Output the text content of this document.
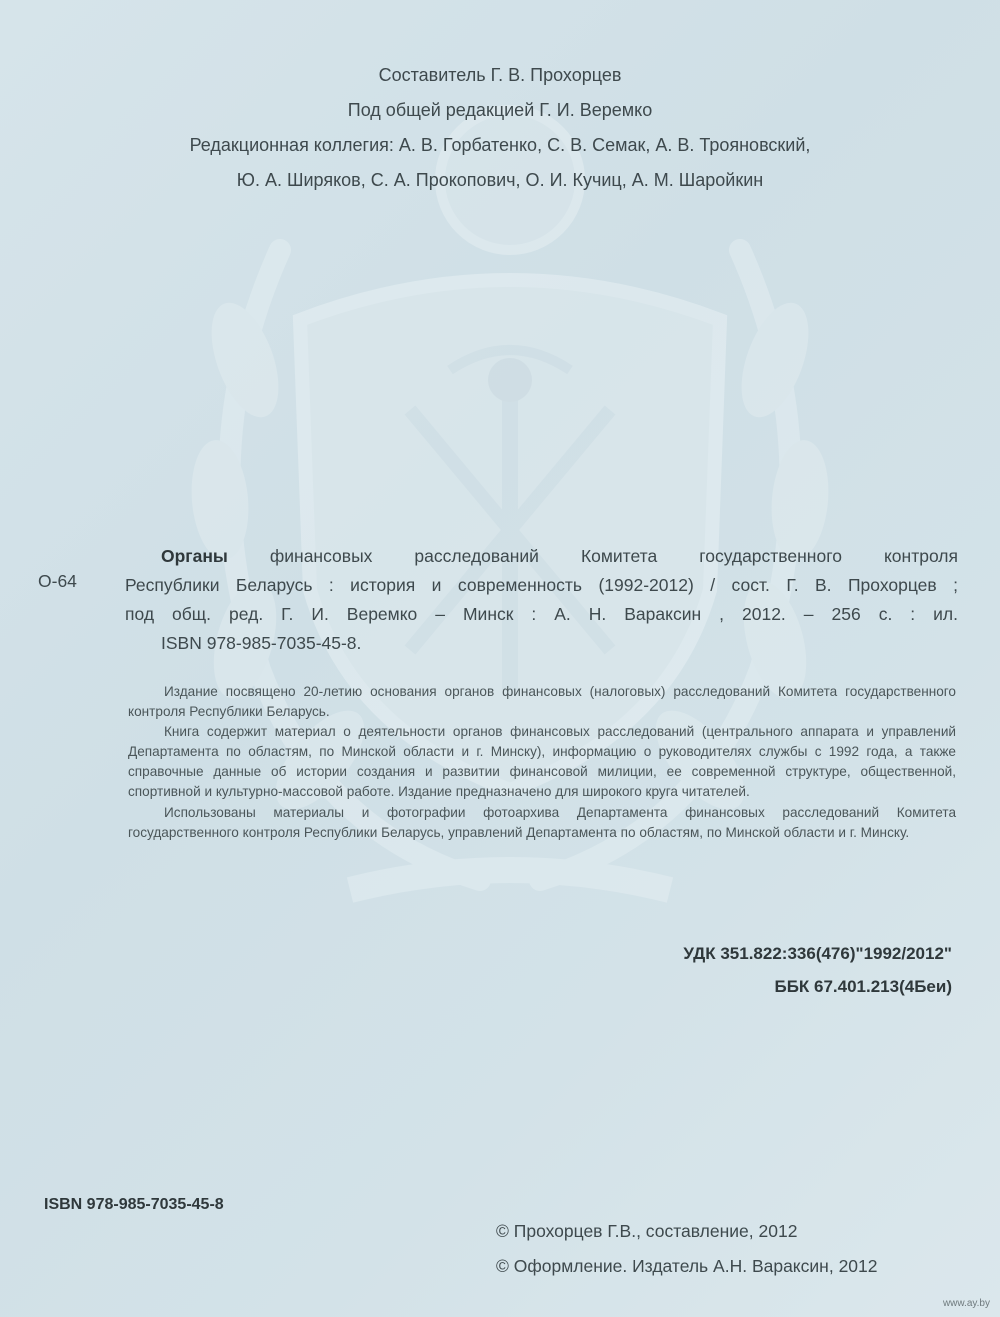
Составитель Г. В. Прохорцев
Под общей редакцией Г. И. Веремко
Редакционная коллегия: А. В. Горбатенко, С. В. Семак, А. В. Трояновский,
Ю. А. Ширяков, С. А. Прокопович, О. И. Кучиц, А. М. Шаройкин
О-64
Органы финансовых расследований Комитета государственного контроля
Республики Беларусь : история и современность (1992-2012) / сост. Г. В. Прохорцев ;
под общ. ред. Г. И. Веремко – Минск : А. Н. Вараксин , 2012. – 256 с. : ил.
ISBN 978-985-7035-45-8.

Издание посвящено 20-летию основания органов финансовых (налоговых) расследований Комитета государственного контроля Республики Беларусь.

Книга содержит материал о деятельности органов финансовых расследований (центрального аппарата и управлений Департамента по областям, по Минской области и г. Минску), информацию о руководителях службы с 1992 года, а также справочные данные об истории создания и развитии финансовой милиции, ее современной структуре, общественной, спортивной и культурно-массовой работе. Издание предназначено для широкого круга читателей.

Использованы материалы и фотографии фотоархива Департамента финансовых расследований Комитета государственного контроля Республики Беларусь, управлений Департамента по областям, по Минской области и г. Минску.

УДК 351.822:336(476)"1992/2012"
ББК 67.401.213(4Беи)
ISBN 978-985-7035-45-8
© Прохорцев Г.В., составление, 2012
© Оформление. Издатель А.Н. Вараксин, 2012
www.ay.by
